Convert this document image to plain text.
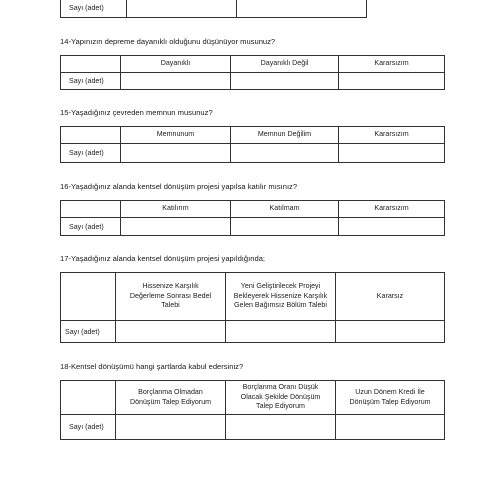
Sayı (adet)		

14-Yapınızın depreme dayanıklı olduğunu düşünüyor musunuz?

	Dayanıklı	Dayanıklı Değil	Kararsızım
Sayı (adet)			

15-Yaşadığınız çevreden memnun musunuz?

	Memnunum	Memnun Değilim	Kararsızım
Sayı (adet)			

16-Yaşadığınız alanda kentsel dönüşüm projesi yapılsa katılır mısınız?

	Katılırım	Katılmam	Kararsızım
Sayı (adet)			

17-Yaşadığınız alanda kentsel dönüşüm projesi yapıldığında;

	Hissenize Karşılık Değerleme Sonrası Bedel Talebi	Yeni Geliştirilecek Projeyi Bekleyerek Hissenize Karşılık Gelen Bağımsız Bölüm Talebi	Kararsız
Sayı (adet)			

18-Kentsel dönüşümü hangi şartlarda kabul edersiniz?

	Borçlanma Olmadan Dönüşüm Talep Ediyorum	Borçlanma Oranı Düşük Olacak Şekilde Dönüşüm Talep Ediyorum	Uzun Dönem Kredi İle Dönüşüm Talep Ediyorum
Sayı (adet)			
